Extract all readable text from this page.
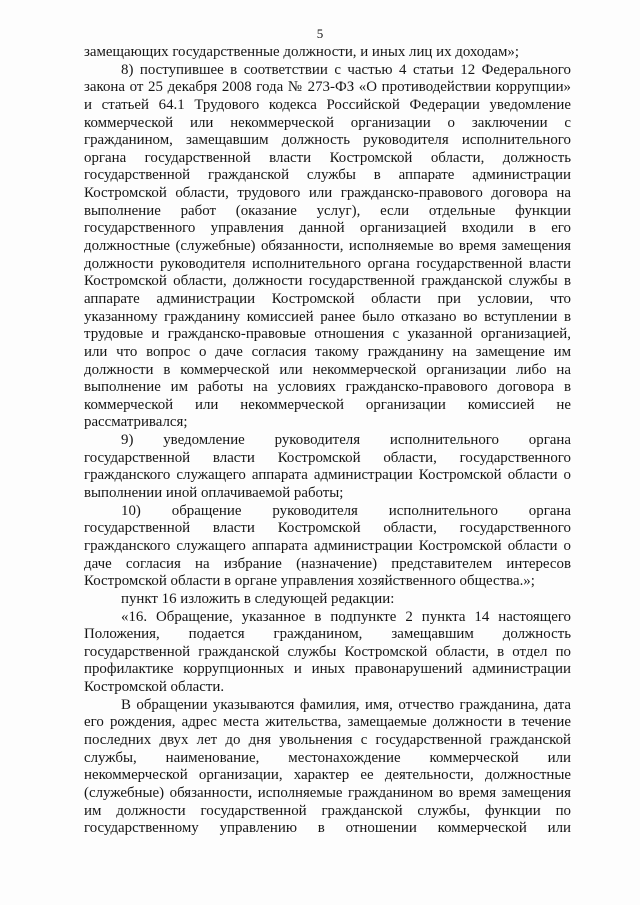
5
замещающих государственные должности, и иных лиц их доходам»;
8) поступившее в соответствии с частью 4 статьи 12 Федерального
закона от 25 декабря 2008 года № 273-ФЗ «О противодействии коррупции»
и статьей 64.1 Трудового кодекса Российской Федерации уведомление
коммерческой или некоммерческой организации о заключении с
гражданином, замещавшим должность руководителя исполнительного
органа государственной власти Костромской области, должность
государственной гражданской службы в аппарате администрации
Костромской области, трудового или гражданско-правового договора на
выполнение работ (оказание услуг), если отдельные функции
государственного управления данной организацией входили в его
должностные (служебные) обязанности, исполняемые во время замещения
должности руководителя исполнительного органа государственной власти
Костромской области, должности государственной гражданской службы в
аппарате администрации Костромской области при условии, что
указанному гражданину комиссией ранее было отказано во вступлении в
трудовые и гражданско-правовые отношения с указанной организацией,
или что вопрос о даче согласия такому гражданину на замещение им
должности в коммерческой или некоммерческой организации либо на
выполнение им работы на условиях гражданско-правового договора в
коммерческой или некоммерческой организации комиссией не
рассматривался;
9) уведомление руководителя исполнительного органа
государственной власти Костромской области, государственного
гражданского служащего аппарата администрации Костромской области о
выполнении иной оплачиваемой работы;
10) обращение руководителя исполнительного органа
государственной власти Костромской области, государственного
гражданского служащего аппарата администрации Костромской области о
даче согласия на избрание (назначение) представителем интересов
Костромской области в органе управления хозяйственного общества.»;
пункт 16 изложить в следующей редакции:
«16. Обращение, указанное в подпункте 2 пункта 14 настоящего
Положения, подается гражданином, замещавшим должность
государственной гражданской службы Костромской области, в отдел по
профилактике коррупционных и иных правонарушений администрации
Костромской области.
В обращении указываются фамилия, имя, отчество гражданина, дата
его рождения, адрес места жительства, замещаемые должности в течение
последних двух лет до дня увольнения с государственной гражданской
службы, наименование, местонахождение коммерческой или
некоммерческой организации, характер ее деятельности, должностные
(служебные) обязанности, исполняемые гражданином во время замещения
им должности государственной гражданской службы, функции по
государственному управлению в отношении коммерческой или
